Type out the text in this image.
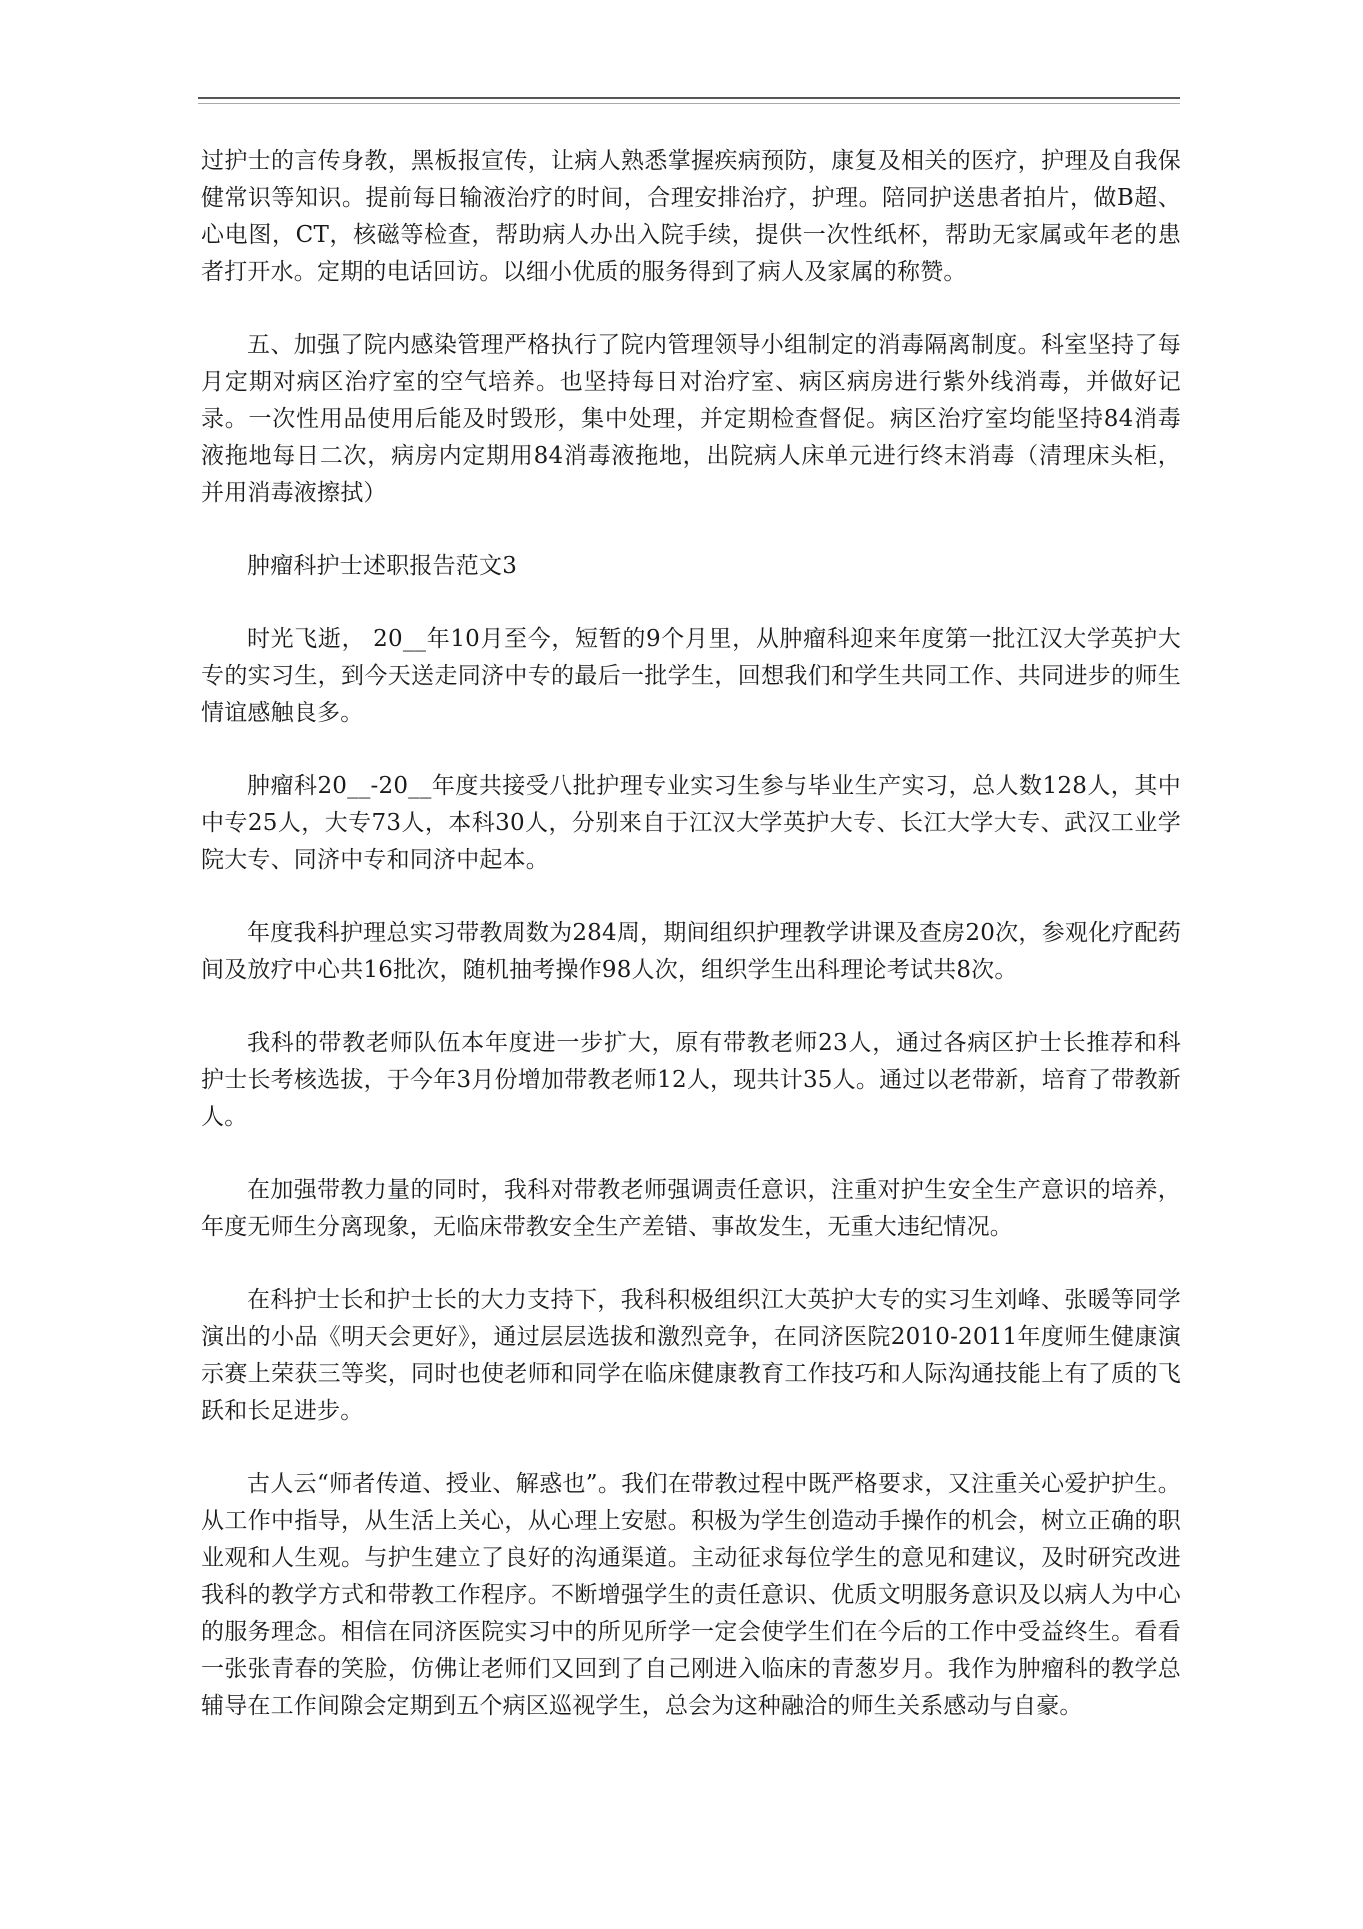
过护士的言传身教，黑板报宣传，让病人熟悉掌握疾病预防，康复及相关的医疗，护理及自我保健常识等知识。提前每日输液治疗的时间，合理安排治疗，护理。陪同护送患者拍片，做B超、心电图，CT，核磁等检查，帮助病人办出入院手续，提供一次性纸杯，帮助无家属或年老的患者打开水。定期的电话回访。以细小优质的服务得到了病人及家属的称赞。

五、加强了院内感染管理严格执行了院内管理领导小组制定的消毒隔离制度。科室坚持了每月定期对病区治疗室的空气培养。也坚持每日对治疗室、病区病房进行紫外线消毒，并做好记录。一次性用品使用后能及时毁形，集中处理，并定期检查督促。病区治疗室均能坚持84消毒液拖地每日二次，病房内定期用84消毒液拖地，出院病人床单元进行终末消毒（清理床头柜，并用消毒液擦拭）

肿瘤科护士述职报告范文3

时光飞逝， 20__年10月至今，短暂的9个月里，从肿瘤科迎来年度第一批江汉大学英护大专的实习生，到今天送走同济中专的最后一批学生，回想我们和学生共同工作、共同进步的师生情谊感触良多。

肿瘤科20__-20__年度共接受八批护理专业实习生参与毕业生产实习，总人数128人，其中中专25人，大专73人，本科30人，分别来自于江汉大学英护大专、长江大学大专、武汉工业学院大专、同济中专和同济中起本。

年度我科护理总实习带教周数为284周，期间组织护理教学讲课及查房20次，参观化疗配药间及放疗中心共16批次，随机抽考操作98人次，组织学生出科理论考试共8次。

我科的带教老师队伍本年度进一步扩大，原有带教老师23人，通过各病区护士长推荐和科护士长考核选拔，于今年3月份增加带教老师12人，现共计35人。通过以老带新，培育了带教新人。

在加强带教力量的同时，我科对带教老师强调责任意识，注重对护生安全生产意识的培养，年度无师生分离现象，无临床带教安全生产差错、事故发生，无重大违纪情况。

在科护士长和护士长的大力支持下，我科积极组织江大英护大专的实习生刘峰、张暖等同学演出的小品《明天会更好》，通过层层选拔和激烈竞争，在同济医院2010-2011年度师生健康演示赛上荣获三等奖，同时也使老师和同学在临床健康教育工作技巧和人际沟通技能上有了质的飞跃和长足进步。

古人云“师者传道、授业、解惑也”。我们在带教过程中既严格要求，又注重关心爱护护生。从工作中指导，从生活上关心，从心理上安慰。积极为学生创造动手操作的机会，树立正确的职业观和人生观。与护生建立了良好的沟通渠道。主动征求每位学生的意见和建议，及时研究改进我科的教学方式和带教工作程序。不断增强学生的责任意识、优质文明服务意识及以病人为中心的服务理念。相信在同济医院实习中的所见所学一定会使学生们在今后的工作中受益终生。看看一张张青春的笑脸，仿佛让老师们又回到了自己刚进入临床的青葱岁月。我作为肿瘤科的教学总辅导在工作间隙会定期到五个病区巡视学生，总会为这种融洽的师生关系感动与自豪。
